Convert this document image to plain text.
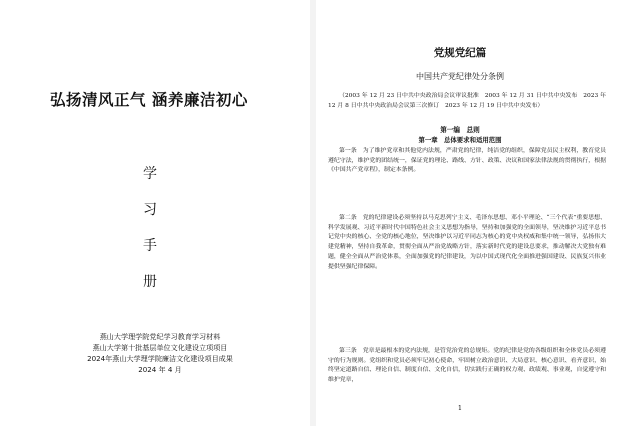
弘扬清风正气 涵养廉洁初心
学
习
手
册
燕山大学理学院党纪学习教育学习材料
燕山大学第十批基层单位文化建设立项项目
2024年燕山大学理学院廉洁文化建设项目成果
2024 年 4 月
党规党纪篇
中国共产党纪律处分条例
（2003 年 12 月 23 日中共中央政治局会议审议批准　2003 年 12 月 31 日中共中央发布　2023 年 12 月 8 日中共中央政治局会议第三次修订　2023 年 12 月 19 日中共中央发布）
第一编　总则
第一章　总体要求和适用范围

第一条　为了维护党章和其他党内法规，严肃党的纪律，纯洁党的组织，保障党员民主权利，教育党员遵纪守法，维护党的团结统一，保证党的理论、路线、方针、政策、决议和国家法律法规的贯彻执行，根据《中国共产党章程》，制定本条例。

第二条　党的纪律建设必须坚持以马克思列宁主义、毛泽东思想、邓小平理论、“三个代表”重要思想、科学发展观、习近平新时代中国特色社会主义思想为指导，坚持和加强党的全面领导，坚决维护习近平总书记党中央的核心、全党的核心地位，坚决维护以习近平同志为核心的党中央权威和集中统一领导，弘扬伟大建党精神，坚持自我革命，贯彻全面从严治党战略方针，落实新时代党的建设总要求，推动解决大党独有难题，健全全面从严治党体系，全面加强党的纪律建设，为以中国式现代化全面推进强国建设、民族复兴伟业提供坚强纪律保障。

第三条　党章是最根本的党内法规，是管党治党的总规矩。党的纪律是党的各级组织和全体党员必须遵守的行为规则。党组织和党员必须牢记初心使命，牢固树立政治意识、大局意识、核心意识、看齐意识，始终坚定道路自信、理论自信、制度自信、文化自信，切实践行正确的权力观、政绩观、事业观，自觉遵守和维护党章，

1
